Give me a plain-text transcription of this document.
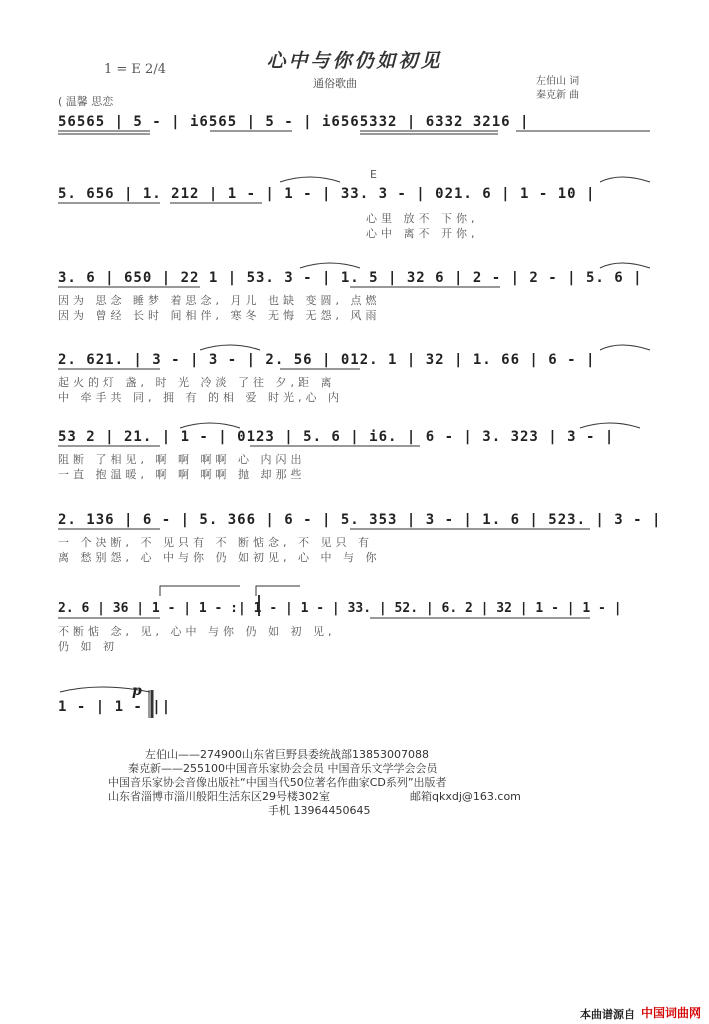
心中与你仍如初见
1 = E 2/4
( 温馨 思恋
通俗歌曲	左伯山 词
秦克新 曲
56565 | 5 - | i6565 | 5 - | i6565332 | 6332 3216 |
E
5. 656 | 1. 212 | 1 - | 1 - | 33. 3 - | 021. 6 | 1 - 10 |
心里 放不 下你,
心中 离不 开你,
3. 6 | 650 | 22 1 | 53. 3 - | 1. 5 | 32 6 | 2 - | 2 - | 5. 6 |
因为 思念 睡梦 着思念, 月儿 也缺 变圆, 点燃
因为 曾经 长时 间相伴, 寒冬 无悔 无怨, 风雨
2. 621. | 3 - | 3 - | 2. 56 | 012. 1 | 32 | 1. 66 | 6 - |
起火的灯 盏, 时 光 冷淡 了往 夕,距 离
中 牵手共 同, 拥 有 的相 爱 时光,心 内
53 2 | 21. | 1 - | 0123 | 5. 6 | i6. | 6 - | 3. 323 | 3 - |
阻断 了相见, 啊 啊 啊啊 心 内闪出
一直 抱温暖, 啊 啊 啊啊 抛 却那些
2. 136 | 6 - | 5. 366 | 6 - | 5. 353 | 3 - | 1. 6 | 523. | 3 - |
一 个决断, 不 见只有 不 断惦念, 不 见只 有
离 愁别怨, 心 中与你 仍 如初见, 心 中 与 你
2. 6 | 36 | 1 - | 1 - :| 1 - | 1 - | 33. | 52. | 6. 2 | 32 | 1 - | 1 - |
不断惦 念, 见, 心中 与你 仍 如 初 见,
仍 如 初
1 - | 1 - ||
p
左伯山——274900山东省巨野县委统战部13853007088
秦克新——255100中国音乐家协会会员 中国音乐文学学会会员
中国音乐家协会音像出版社“中国当代50位著名作曲家CD系列”出版者
山东省淄博市淄川般阳生活东区29号楼302室	邮箱qkxdj@163.com
手机 13964450645
本曲谱源自 中国词曲网
